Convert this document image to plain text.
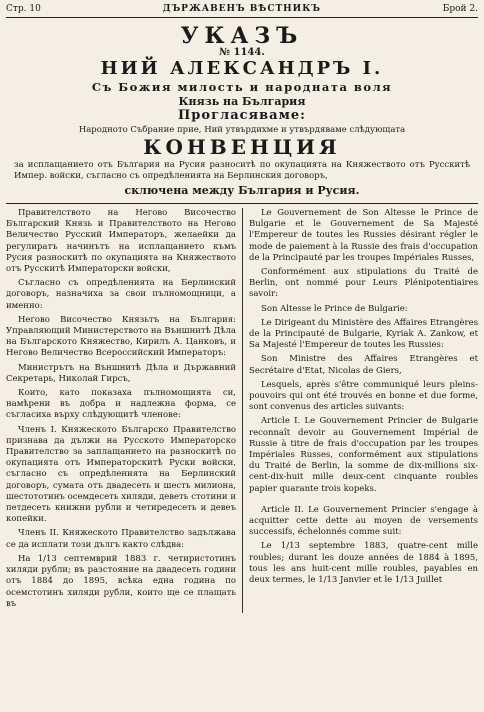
Стр. 10	ДЪРЖАВЕНЪ ВѢСТНИКЪ	Брой 2.
УКАЗЪ
№ 1144.
НИЙ АЛЕКСАНДРЪ I.
Съ Божия милость и народната воля
Князь на България
Прогласяваме:
Народното Събрание прие, Ний утвърдихме и утвърдяваме слѣдующата
КОНВЕНЦИЯ
за исплащанието отъ България на Русия разноситѣ по окупацията на Княжеството отъ Русскитѣ Импер. войски, съгласно съ опредѣленията на Берлинския договоръ,
сключена между България и Русия.

Правителството на Негово Височество Българский Князь и Правителството на Негово Величество Русский Императоръ, желаейки да регулиратъ начинътъ на исплащанието къмъ Русия разноскитѣ по окупацията на Княжеството отъ Русскитѣ Императорски войски,

Съгласно съ опредѣленията на Берлинский договоръ, назначиха за свои пълномощници, а именно:

Негово Височество Князьтъ на България: Управляющий Министерството на Външнитѣ Дѣла на Българското Княжество, Кирилъ А. Цанковъ, и Негово Величество Всероссийский Императоръ:

Министрътъ на Външнитѣ Дѣла и Държавний Секретарь, Николай Гирсъ,

Които, като показаха пълномощията си, намѣрени въ добра и надлежна форма, се съгласиха върху слѣдующитѣ членове:

Членъ I. Княжеското Българско Правителство признава да дължи на Русското Императорско Правителство за заплащанието на разноскитѣ по окупацията отъ Императорскитѣ Руски войски, съгласно съ опредѣленията на Берлинский договоръ, сумата отъ двадесеть и шесть милиона, шестототинъ осемдесеть хиляди, деветь стотини и петдесеть книжни рубли и четиредесеть и девеъ копейки.

Членъ II. Княжеското Правителство задължава се да исплати този дългъ както слѣдва:

На 1/13 септемврий 1883 г. четиристотинъ хиляди рубли; въ разстояние на двадесеть години отъ 1884 до 1895, всѣка една година по осемстотинъ хиляди рубли, които ще се плащать въ

Le Gouvernement de Son Altesse le Prince de Bulgarie et le Gouvernement de Sa Majesté l'Empereur de toutes les Russies désirant régler le mode de paiement à la Russie des frais d'occupation de la Principauté par les troupes Impériales Russes,

Conformément aux stipulations du Traité de Berlin, ont nommé pour Leurs Plénipotentiaires savoir:

Son Altesse le Prince de Bulgarie:

Le Dirigeant du Ministère des Affaires Etrangères de la Principauté de Bulgarie, Kyriak A. Zankow, et Sa Majesté l'Empereur de toutes les Russies:

Son Ministre des Affaires Etrangères et Secrétaire d'Etat, Nicolas de Giers,

Lesquels, après s'être communiqué leurs pleins-pouvoirs qui ont été trouvés en bonne et due forme, sont convenus des articles suivants:

Article I. Le Gouvernement Princier de Bulgarie reconnaît devoir au Gouvernement Impérial de Russie à titre de frais d'occupation par les troupes Impériales Russes, conformément aux stipulations du Traité de Berlin, la somme de dix-millions six-cent-dix-huit mille deux-cent cinquante roubles papier quarante trois kopeks.

Article II. Le Gouvernement Princier s'engage à acquitter cette dette au moyen de versements successifs, échelonnés comme suit:

Le 1/13 septembre 1883, quatre-cent mille roubles; durant les douze années de 1884 à 1895, tous les ans huit-cent mille roubles, payables en deux termes, le 1/13 Janvier et le 1/13 Juillet
